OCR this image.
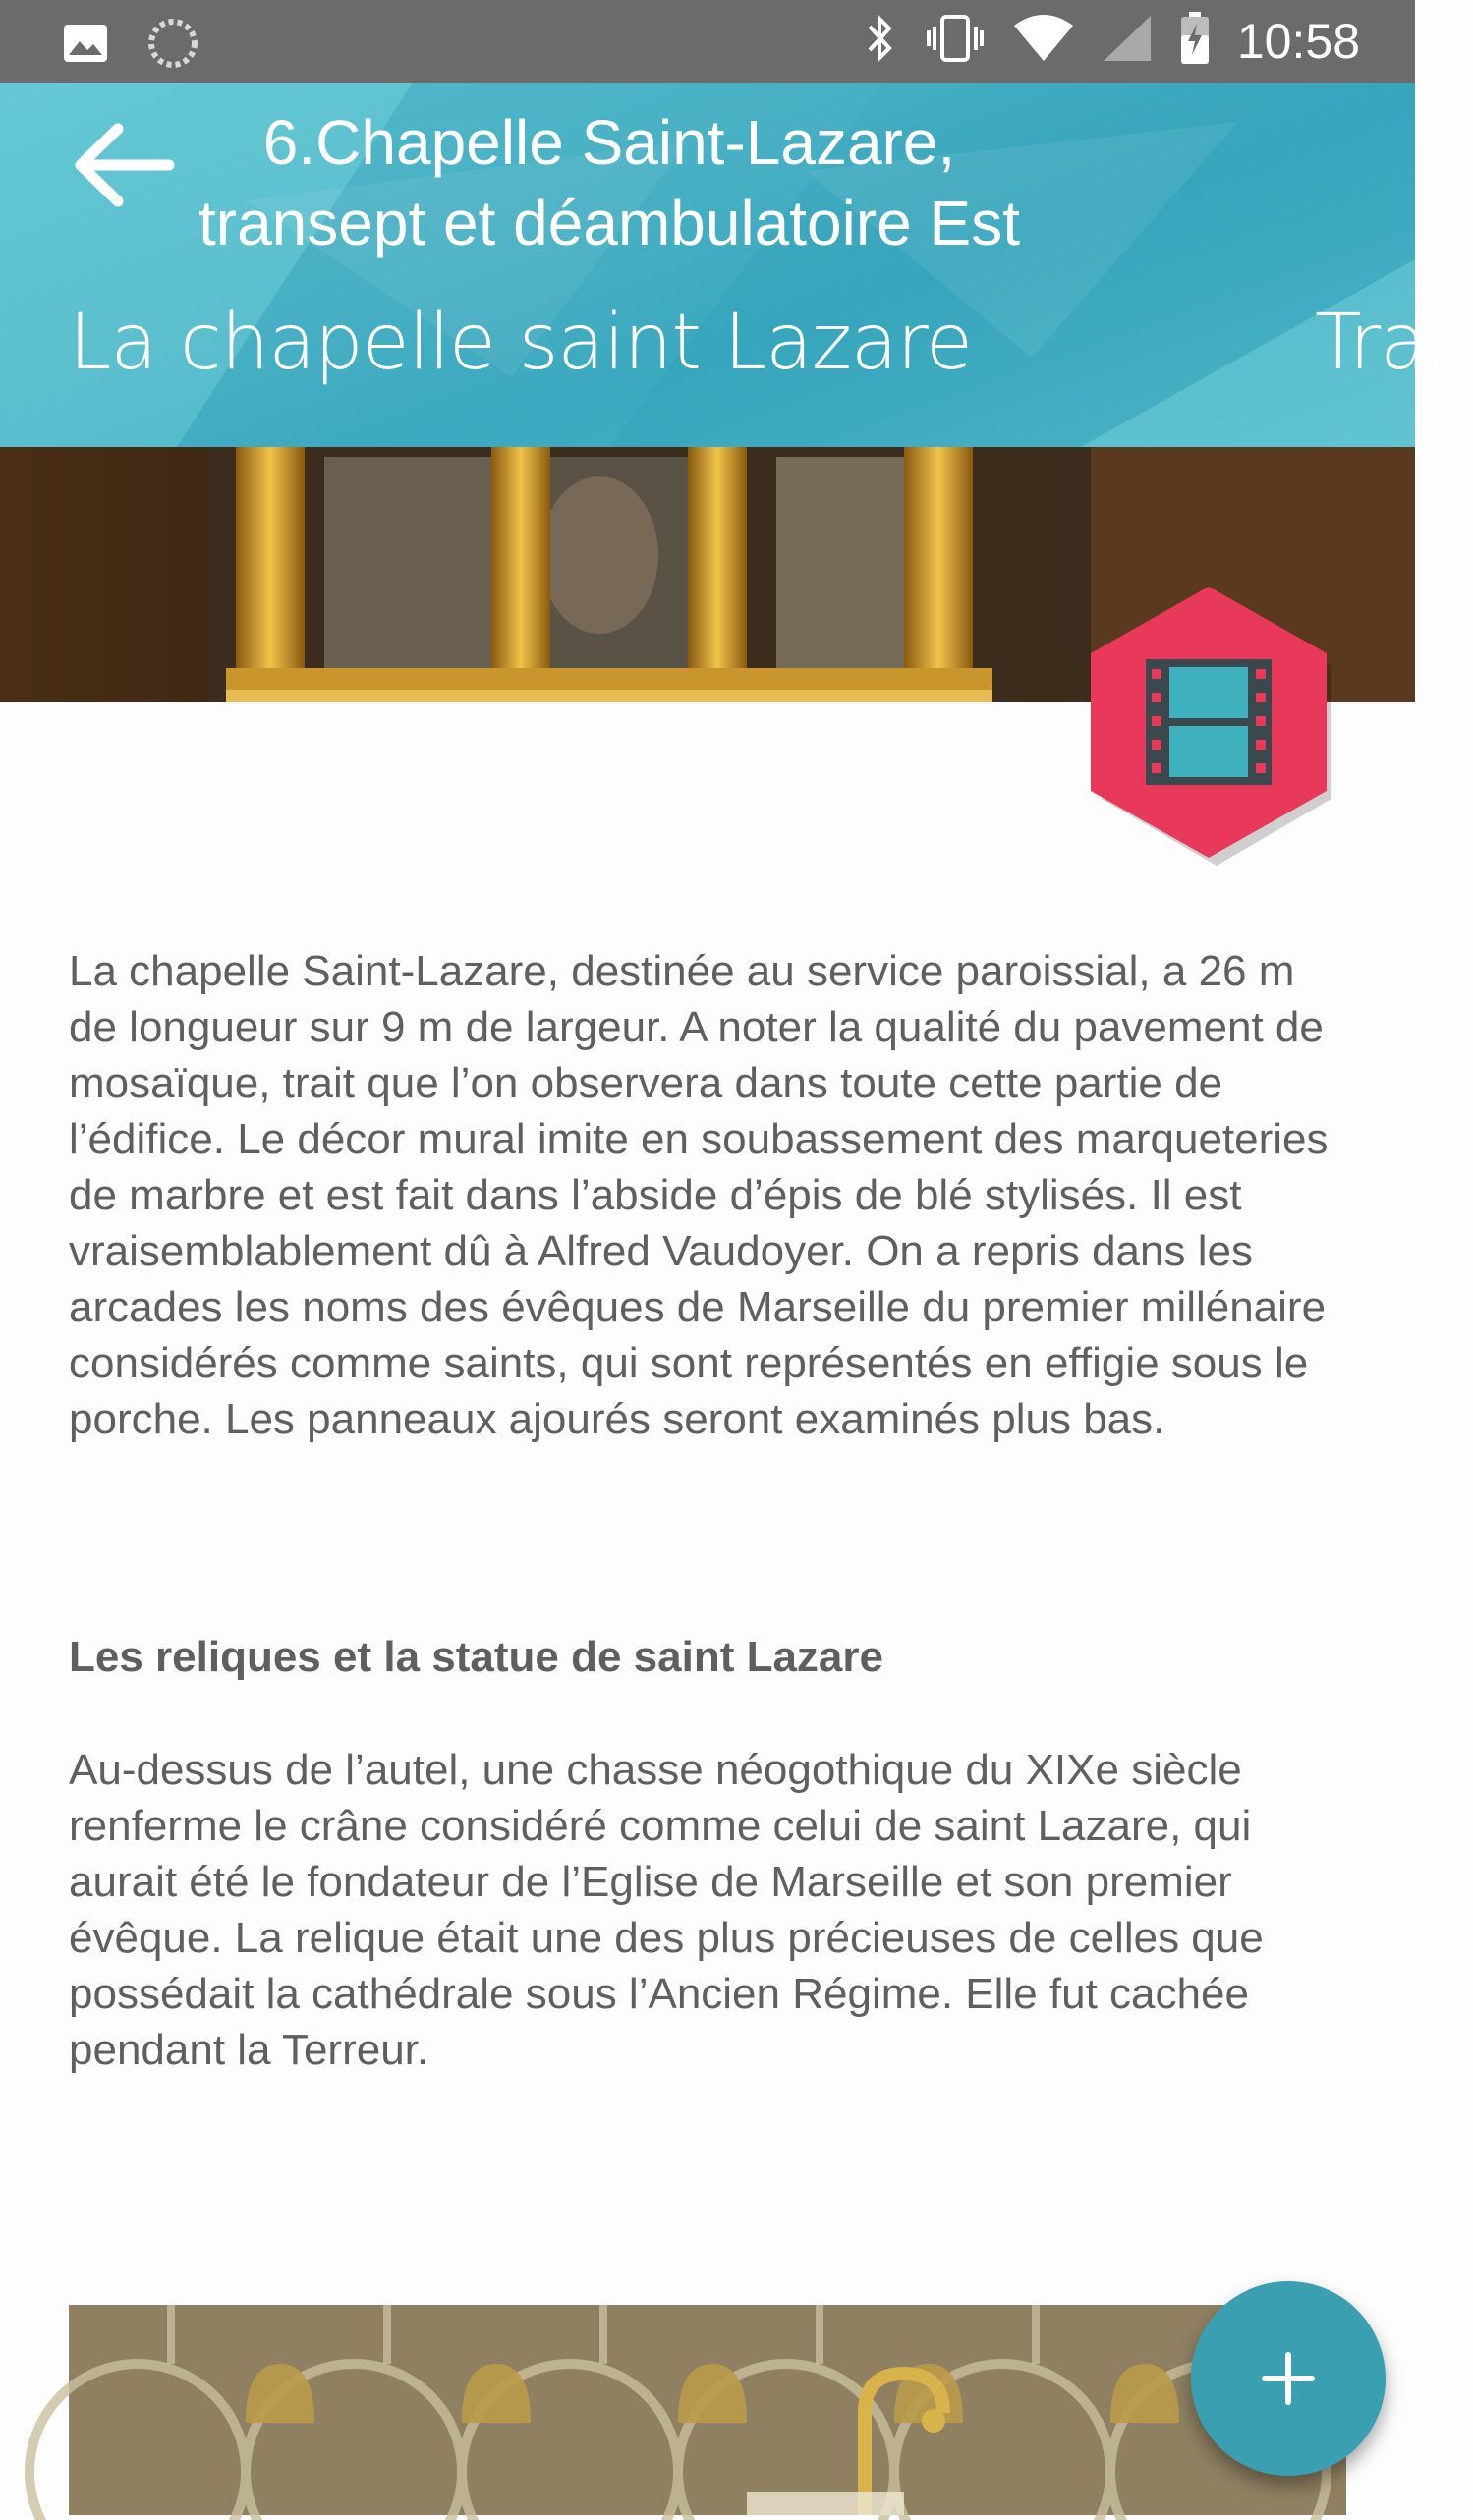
10:58
6.Chapelle Saint-Lazare, transept et déambulatoire Est
La chapelle saint Lazare	Tran

La chapelle Saint-Lazare, destinée au service paroissial, a 26 m de longueur sur 9 m de largeur. A noter la qualité du pavement de mosaïque, trait que l’on observera dans toute cette partie de l’édifice. Le décor mural imite en soubassement des marqueteries de marbre et est fait dans l’abside d’épis de blé stylisés. Il est vraisemblablement dû à Alfred Vaudoyer. On a repris dans les arcades les noms des évêques de Marseille du premier millénaire considérés comme saints, qui sont représentés en effigie sous le porche. Les panneaux ajourés seront examinés plus bas.

Les reliques et la statue de saint Lazare

Au-dessus de l’autel, une chasse néogothique du XIXe siècle renferme le crâne considéré comme celui de saint Lazare, qui aurait été le fondateur de l’Eglise de Marseille et son premier évêque. La relique était une des plus précieuses de celles que possédait la cathédrale sous l’Ancien Régime. Elle fut cachée pendant la Terreur.
